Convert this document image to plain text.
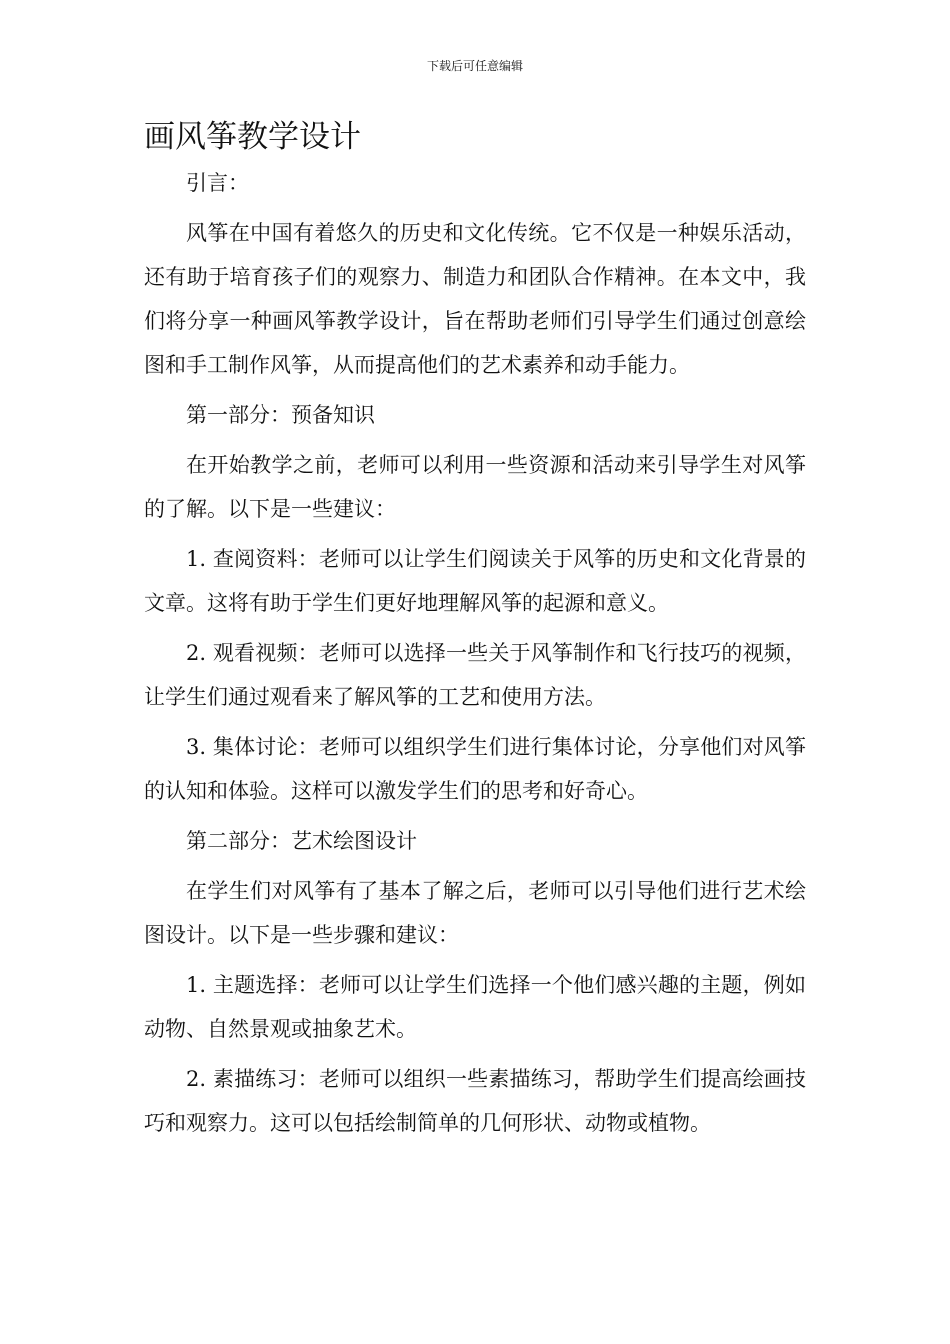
下载后可任意编辑
画风筝教学设计

引言：

风筝在中国有着悠久的历史和文化传统。它不仅是一种娱乐活动，还有助于培育孩子们的观察力、制造力和团队合作精神。在本文中，我们将分享一种画风筝教学设计，旨在帮助老师们引导学生们通过创意绘图和手工制作风筝，从而提高他们的艺术素养和动手能力。

第一部分：预备知识

在开始教学之前，老师可以利用一些资源和活动来引导学生对风筝的了解。以下是一些建议：

1. 查阅资料：老师可以让学生们阅读关于风筝的历史和文化背景的文章。这将有助于学生们更好地理解风筝的起源和意义。

2. 观看视频：老师可以选择一些关于风筝制作和飞行技巧的视频，让学生们通过观看来了解风筝的工艺和使用方法。

3. 集体讨论：老师可以组织学生们进行集体讨论，分享他们对风筝的认知和体验。这样可以激发学生们的思考和好奇心。

第二部分：艺术绘图设计

在学生们对风筝有了基本了解之后，老师可以引导他们进行艺术绘图设计。以下是一些步骤和建议：

1. 主题选择：老师可以让学生们选择一个他们感兴趣的主题，例如动物、自然景观或抽象艺术。

2. 素描练习：老师可以组织一些素描练习，帮助学生们提高绘画技巧和观察力。这可以包括绘制简单的几何形状、动物或植物。
